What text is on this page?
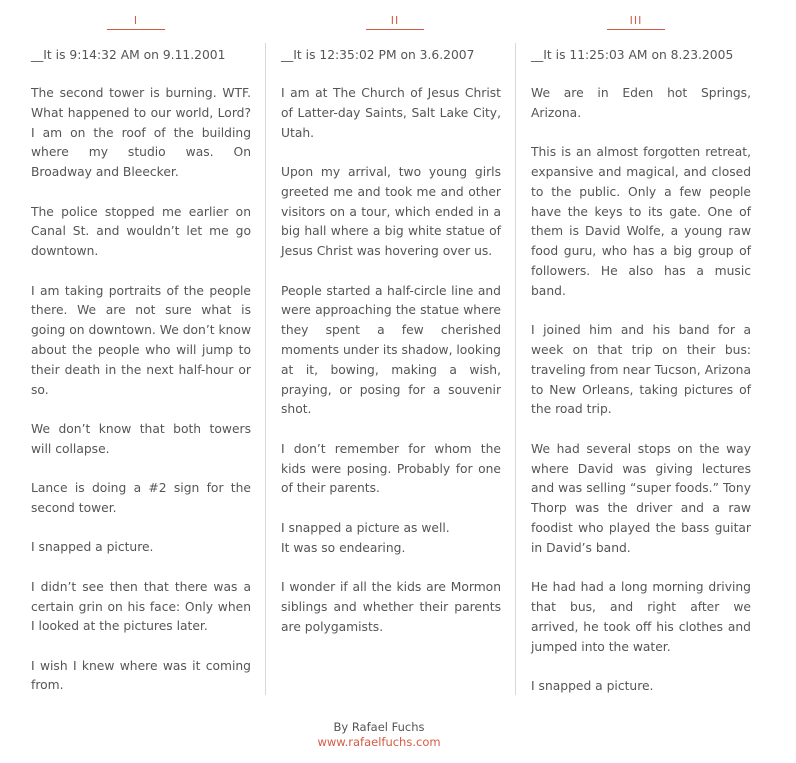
I
__It is 9:14:32 AM on 9.11.2001

The second tower is burning. WTF. What happened to our world, Lord? I am on the roof of the building where my studio was. On Broadway and Bleecker.

The police stopped me earlier on Canal St. and wouldn’t let me go downtown.

I am taking portraits of the people there. We are not sure what is going on downtown. We don’t know about the people who will jump to their death in the next half-hour or so.

We don’t know that both towers will collapse.

Lance is doing a #2 sign for the second tower.

I snapped a picture.

I didn’t see then that there was a certain grin on his face: Only when I looked at the pictures later.

I wish I knew where was it coming from.

II
__It is 12:35:02 PM on 3.6.2007

I am at The Church of Jesus Christ of Latter-day Saints, Salt Lake City, Utah.

Upon my arrival, two young girls greeted me and took me and other visitors on a tour, which ended in a big hall where a big white statue of Jesus Christ was hovering over us.

People started a half-circle line and were approaching the statue where they spent a few cherished moments under its shadow, looking at it, bowing, making a wish, praying, or posing for a souvenir shot.

I don’t remember for whom the kids were posing. Probably for one of their parents.

I snapped a picture as well.
It was so endearing.

I wonder if all the kids are Mormon siblings and whether their parents are polygamists.

III
__It is 11:25:03 AM on 8.23.2005

We are in Eden hot Springs, Arizona.

This is an almost forgotten retreat, expansive and magical, and closed to the public. Only a few people have the keys to its gate. One of them is David Wolfe, a young raw food guru, who has a big group of followers. He also has a music band.

I joined him and his band for a week on that trip on their bus: traveling from near Tucson, Arizona to New Orleans, taking pictures of the road trip.

We had several stops on the way where David was giving lectures and was selling “super foods.” Tony Thorp was the driver and a raw foodist who played the bass guitar in David’s band.

He had had a long morning driving that bus, and right after we arrived, he took off his clothes and jumped into the water.

I snapped a picture.

By Rafael Fuchs
www.rafaelfuchs.com
